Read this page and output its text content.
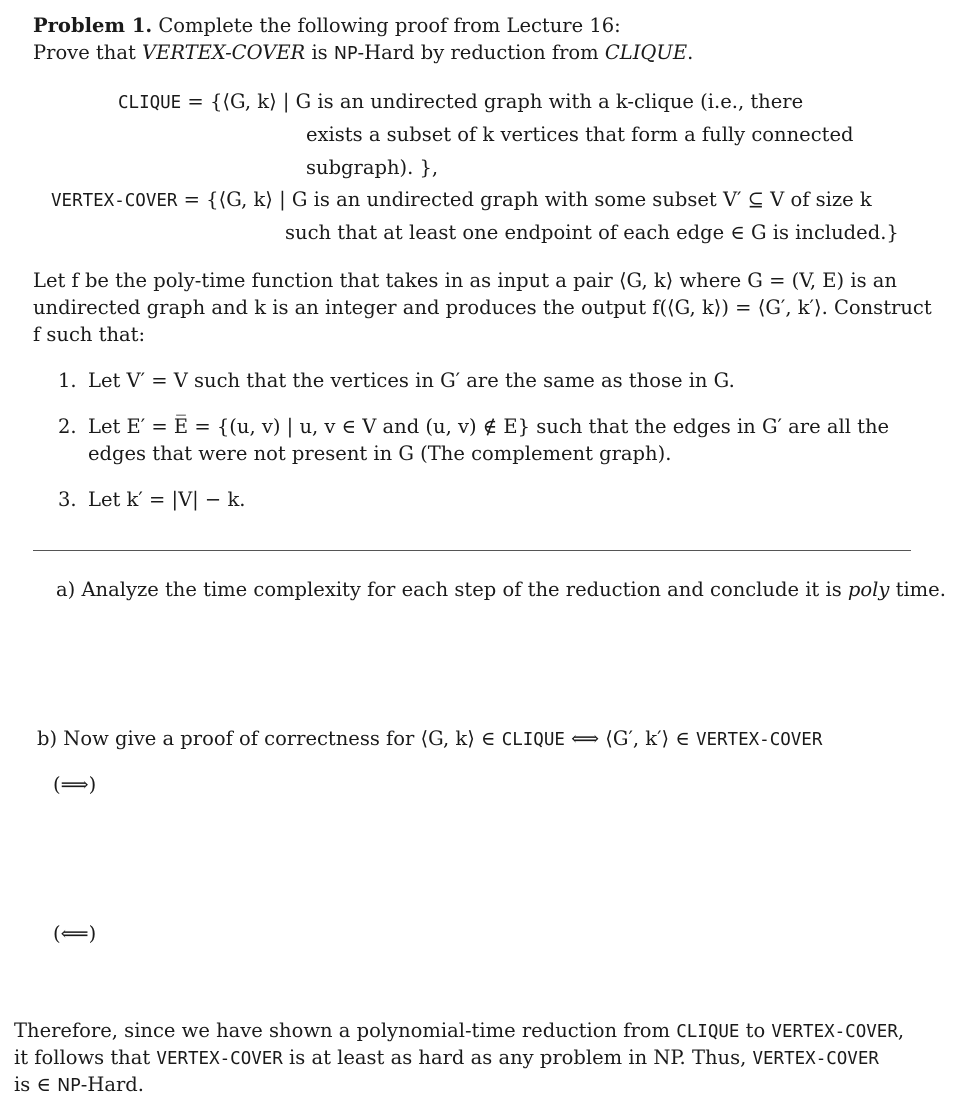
Problem 1. Complete the following proof from Lecture 16:
Prove that VERTEX-COVER is NP-Hard by reduction from CLIQUE.
CLIQUE = {⟨G, k⟩ | G is an undirected graph with a k-clique (i.e., there
exists a subset of k vertices that form a fully connected
subgraph). },
VERTEX-COVER = {⟨G, k⟩ | G is an undirected graph with some subset V′ ⊆ V of size k
such that at least one endpoint of each edge ∈ G is included.}
Let f be the poly-time function that takes in as input a pair ⟨G, k⟩ where G = (V, E) is an
undirected graph and k is an integer and produces the output f(⟨G, k⟩) = ⟨G′, k′⟩. Construct
f such that:
1. Let V′ = V such that the vertices in G′ are the same as those in G.
2. Let E′ = E̅ = {(u, v) | u, v ∈ V and (u, v) ∉ E} such that the edges in G′ are all the
edges that were not present in G (The complement graph).
3. Let k′ = |V| − k.
a) Analyze the time complexity for each step of the reduction and conclude it is poly time.
b) Now give a proof of correctness for ⟨G, k⟩ ∈ CLIQUE ⟺ ⟨G′, k′⟩ ∈ VERTEX-COVER
(⟹)
(⟸)
Therefore, since we have shown a polynomial-time reduction from CLIQUE to VERTEX-COVER,
it follows that VERTEX-COVER is at least as hard as any problem in NP. Thus, VERTEX-COVER
is ∈ NP-Hard.
